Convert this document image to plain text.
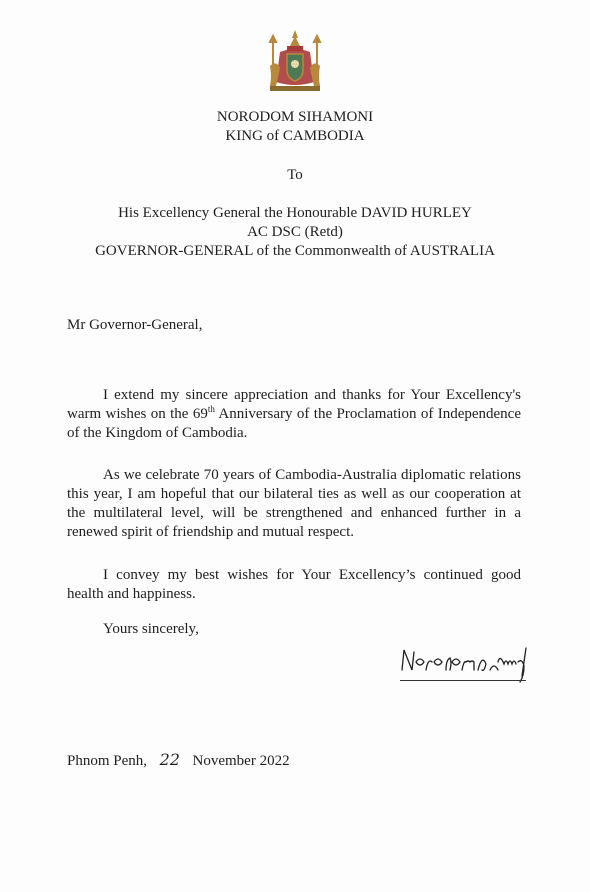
NORODOM SIHAMONI
KING of CAMBODIA
To
His Excellency General the Honourable DAVID HURLEY
AC DSC (Retd)
GOVERNOR-GENERAL of the Commonwealth of AUSTRALIA
Mr Governor-General,
I extend my sincere appreciation and thanks for Your Excellency's warm wishes on the 69th Anniversary of the Proclamation of Independence of the Kingdom of Cambodia.
As we celebrate 70 years of Cambodia-Australia diplomatic relations this year, I am hopeful that our bilateral ties as well as our cooperation at the multilateral level, will be strengthened and enhanced further in a renewed spirit of friendship and mutual respect.
I convey my best wishes for Your Excellency’s continued good health and happiness.
Yours sincerely,
Phnom Penh, 22 November 2022
